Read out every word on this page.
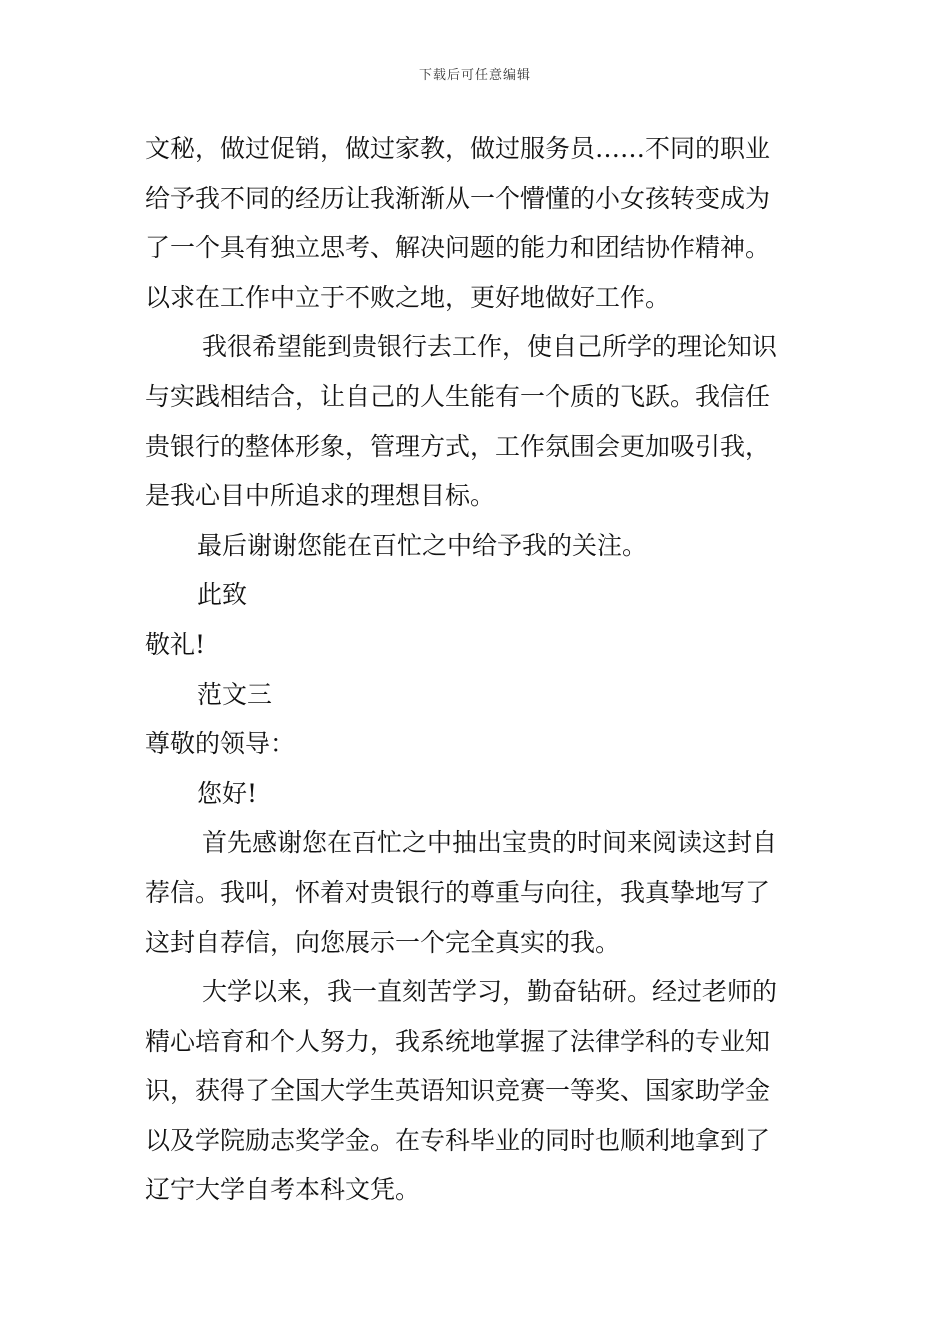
下载后可任意编辑
文秘，做过促销，做过家教，做过服务员……不同的职业
给予我不同的经历让我渐渐从一个懵懂的小女孩转变成为
了一个具有独立思考、解决问题的能力和团结协作精神。
以求在工作中立于不败之地，更好地做好工作。
我很希望能到贵银行去工作，使自己所学的理论知识
与实践相结合，让自己的人生能有一个质的飞跃。我信任
贵银行的整体形象，管理方式，工作氛围会更加吸引我，
是我心目中所追求的理想目标。
最后谢谢您能在百忙之中给予我的关注。
此致
敬礼!
范文三
尊敬的领导：
您好!
首先感谢您在百忙之中抽出宝贵的时间来阅读这封自
荐信。我叫，怀着对贵银行的尊重与向往，我真挚地写了
这封自荐信，向您展示一个完全真实的我。
大学以来，我一直刻苦学习，勤奋钻研。经过老师的
精心培育和个人努力，我系统地掌握了法律学科的专业知
识，获得了全国大学生英语知识竞赛一等奖、国家助学金
以及学院励志奖学金。在专科毕业的同时也顺利地拿到了
辽宁大学自考本科文凭。
